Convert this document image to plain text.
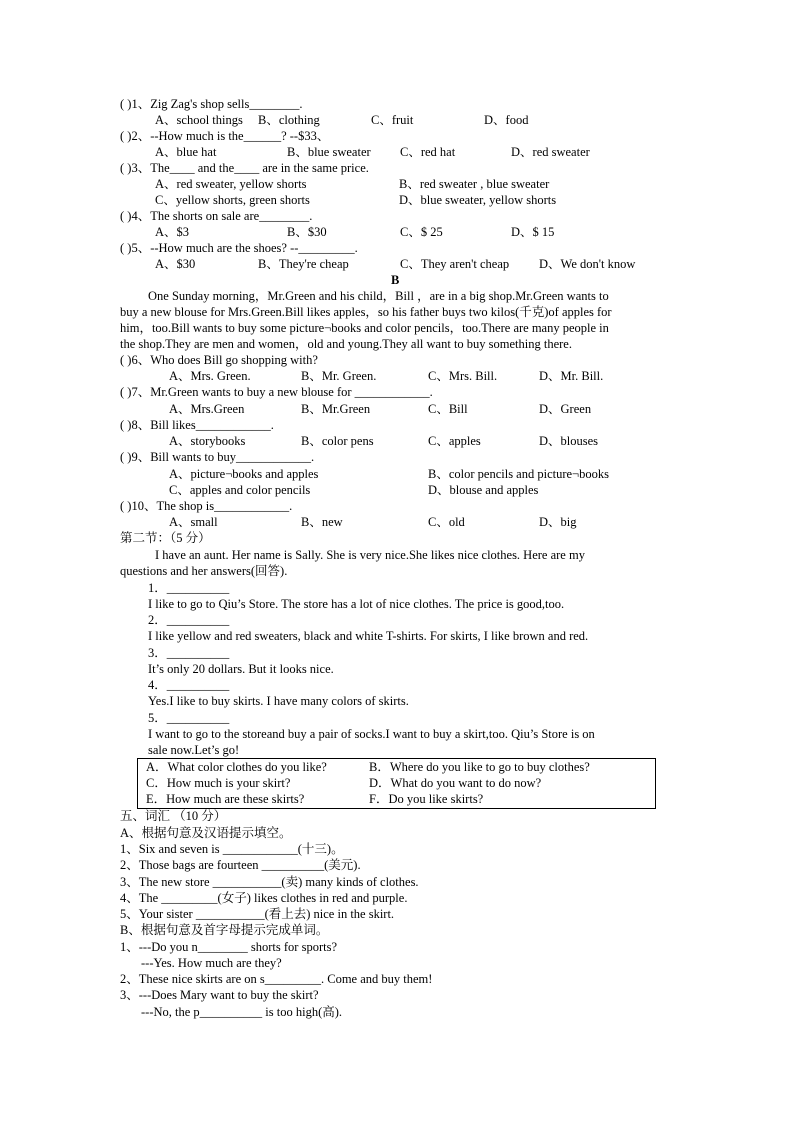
( )1、Zig Zag's shop sells________.
A、school things B、clothing	C、fruit	D、food
( )2、--How much is the______? --$33、
A、blue hat	B、blue sweater C、red hat	D、red sweater
( )3、The____ and the____ are in the same price.
A、red sweater, yellow shorts	B、red sweater , blue sweater
C、yellow shorts, green shorts	D、blue sweater, yellow shorts
( )4、The shorts on sale are________.
A、$3	B、$30	C、$ 25	D、$ 15
( )5、--How much are the shoes? --_________.
A、$30	B、They're cheap	C、They aren't cheap D、We don't know
B
One Sunday morning，Mr.Green and his child，Bill ，are in a big shop.Mr.Green wants to
buy a new blouse for Mrs.Green.Bill likes apples，so his father buys two kilos(千克)of apples for
him，too.Bill wants to buy some picture¬books and color pencils，too.There are many people in
the shop.They are men and women，old and young.They all want to buy something there.
( )6、Who does Bill go shopping with?
A、Mrs. Green.	B、Mr. Green.	C、Mrs. Bill.	D、Mr. Bill.
( )7、Mr.Green wants to buy a new blouse for ____________.
A、Mrs.Green	B、Mr.Green	C、Bill	D、Green
( )8、Bill likes____________.
A、storybooks	B、color pens	C、apples	D、blouses
( )9、Bill wants to buy____________.
A、picture¬books and apples	B、color pencils and picture¬books
C、apples and color pencils	D、blouse and apples
( )10、The shop is____________.
A、small	B、new	C、old	D、big
第二节：（5 分）
I have an aunt. Her name is Sally. She is very nice.She likes nice clothes. Here are my
questions and her answers(回答).
1．__________
I like to go to Qiu’s Store. The store has a lot of nice clothes. The price is good,too.
2．__________
I like yellow and red sweaters, black and white T-shirts. For skirts, I like brown and red.
3．__________
It’s only 20 dollars. But it looks nice.
4．__________
Yes.I like to buy skirts. I have many colors of skirts.
5．__________
I want to go to the storeand buy a pair of socks.I want to buy a skirt,too. Qiu’s Store is on
sale now.Let’s go!
A．What color clothes do you like?	B．Where do you like to go to buy clothes?
C．How much is your skirt?	D．What do you want to do now?
E．How much are these skirts?	F．Do you like skirts?
五、词汇 （10 分）
A、根据句意及汉语提示填空。
1、Six and seven is ____________(十三)。
2、Those bags are fourteen __________(美元).
3、The new store ___________(卖) many kinds of clothes.
4、The _________(女子) likes clothes in red and purple.
5、Your sister ___________(看上去) nice in the skirt.
B、根据句意及首字母提示完成单词。
1、---Do you n________ shorts for sports?
---Yes. How much are they?
2、These nice skirts are on s_________. Come and buy them!
3、---Does Mary want to buy the skirt?
---No, the p__________ is too high(高).
